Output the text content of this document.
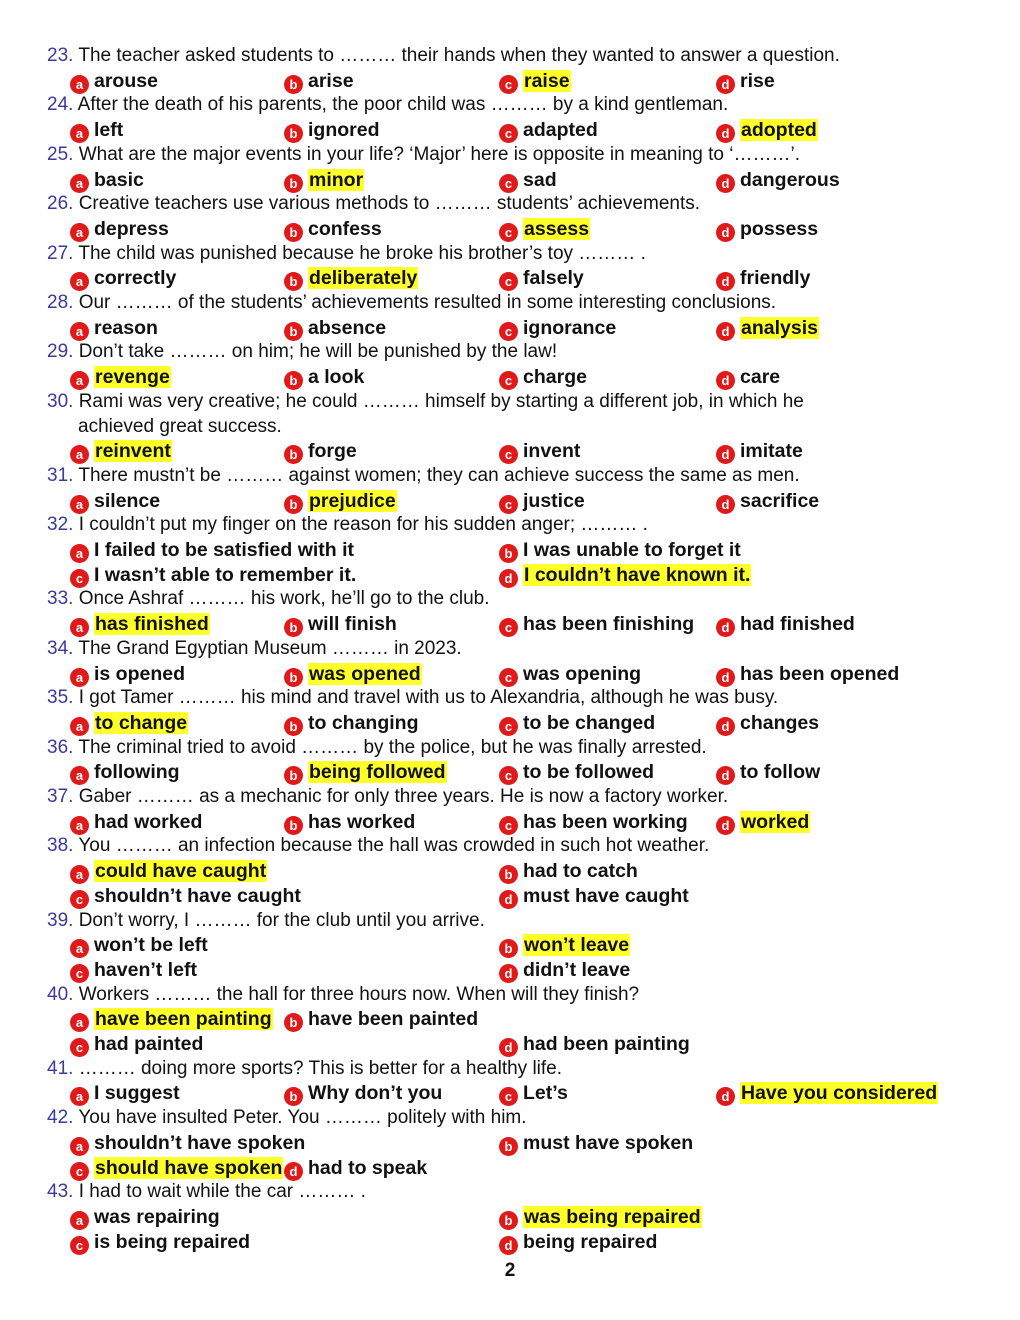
23. The teacher asked students to ……… their hands when they wanted to answer a question.
a arouse	b arise	c raise	d rise
24. After the death of his parents, the poor child was ……… by a kind gentleman.
a left	b ignored	c adapted	d adopted
25. What are the major events in your life? ‘Major’ here is opposite in meaning to ‘………’.
a basic	b minor	c sad	d dangerous
26. Creative teachers use various methods to ……… students’ achievements.
a depress	b confess	c assess	d possess
27. The child was punished because he broke his brother’s toy ……… .
a correctly	b deliberately	c falsely	d friendly
28. Our ……… of the students’ achievements resulted in some interesting conclusions.
a reason	b absence	c ignorance	d analysis
29. Don’t take ……… on him; he will be punished by the law!
a revenge	b a look	c charge	d care
30. Rami was very creative; he could ……… himself by starting a different job, in which he
achieved great success.
a reinvent	b forge	c invent	d imitate
31. There mustn’t be ……… against women; they can achieve success the same as men.
a silence	b prejudice	c justice	d sacrifice
32. I couldn’t put my finger on the reason for his sudden anger; ……… .
a I failed to be satisfied with it	b I was unable to forget it
c I wasn’t able to remember it.	d I couldn’t have known it.
33. Once Ashraf ……… his work, he’ll go to the club.
a has finished	b will finish	c has been finishing	d had finished
34. The Grand Egyptian Museum ……… in 2023.
a is opened	b was opened	c was opening	d has been opened
35. I got Tamer ……… his mind and travel with us to Alexandria, although he was busy.
a to change	b to changing	c to be changed	d changes
36. The criminal tried to avoid ……… by the police, but he was finally arrested.
a following	b being followed	c to be followed	d to follow
37. Gaber ……… as a mechanic for only three years. He is now a factory worker.
a had worked	b has worked	c has been working	d worked
38. You ……… an infection because the hall was crowded in such hot weather.
a could have caught	b had to catch
c shouldn’t have caught	d must have caught
39. Don’t worry, I ……… for the club until you arrive.
a won’t be left	b won’t leave
c haven’t left	d didn’t leave
40. Workers ……… the hall for three hours now. When will they finish?
a have been painting	b have been painted
c had painted	d had been painting
41. ……… doing more sports? This is better for a healthy life.
a I suggest	b Why don’t you	c Let’s	d Have you considered
42. You have insulted Peter. You ……… politely with him.
a shouldn’t have spoken	b must have spoken
c should have spoken d had to speak
43. I had to wait while the car ……… .
a was repairing	b was being repaired
c is being repaired	d being repaired
2
